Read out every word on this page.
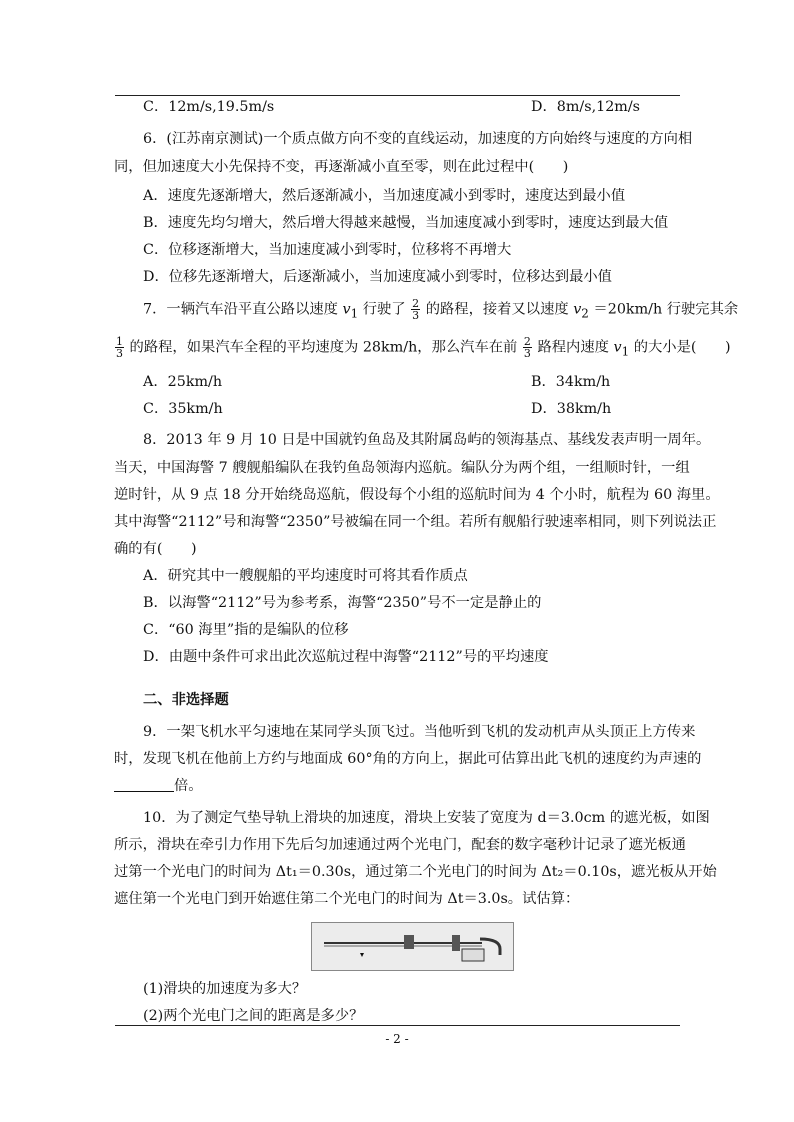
C．12m/s,19.5m/s	D．8m/s,12m/s
6．(江苏南京测试)一个质点做方向不变的直线运动，加速度的方向始终与速度的方向相
同，但加速度大小先保持不变，再逐渐减小直至零，则在此过程中(　　)
A．速度先逐渐增大，然后逐渐减小，当加速度减小到零时，速度达到最小值
B．速度先均匀增大，然后增大得越来越慢，当加速度减小到零时，速度达到最大值
C．位移逐渐增大，当加速度减小到零时，位移将不再增大
D．位移先逐渐增大，后逐渐减小，当加速度减小到零时，位移达到最小值
7．一辆汽车沿平直公路以速度 $v_1$ 行驶了 $\frac{2}{3}$ 的路程，接着又以速度 $v_2 =20km/h$ 行驶完其余
$\frac{1}{3}$ 的路程，如果汽车全程的平均速度为 28km/h，那么汽车在前 $\frac{2}{3}$ 路程内速度 $v_1$ 的大小是(　　)
A．25km/h	B．34km/h
C．35km/h	D．38km/h
8．2013 年 9 月 10 日是中国就钓鱼岛及其附属岛屿的领海基点、基线发表声明一周年。
当天，中国海警 7 艘舰船编队在我钓鱼岛领海内巡航。编队分为两个组，一组顺时针，一组
逆时针，从 9 点 18 分开始绕岛巡航，假设每个小组的巡航时间为 4 个小时，航程为 60 海里。
其中海警“2112”号和海警“2350”号被编在同一个组。若所有舰船行驶速率相同，则下列说法正
确的有(　　)
A．研究其中一艘舰船的平均速度时可将其看作质点
B．以海警“2112”号为参考系，海警“2350”号不一定是静止的
C．“60 海里”指的是编队的位移
D．由题中条件可求出此次巡航过程中海警“2112”号的平均速度
二、非选择题
9．一架飞机水平匀速地在某同学头顶飞过。当他听到飞机的发动机声从头顶正上方传来
时，发现飞机在他前上方约与地面成 60°角的方向上，据此可估算出此飞机的速度约为声速的
倍。
10．为了测定气垫导轨上滑块的加速度，滑块上安装了宽度为 d＝3.0cm 的遮光板，如图
所示，滑块在牵引力作用下先后匀加速通过两个光电门，配套的数字毫秒计记录了遮光板通
过第一个光电门的时间为 Δt₁＝0.30s，通过第二个光电门的时间为 Δt₂＝0.10s，遮光板从开始
遮住第一个光电门到开始遮住第二个光电门的时间为 Δt＝3.0s。试估算：
(1)滑块的加速度为多大？
(2)两个光电门之间的距离是多少？
- 2 -
